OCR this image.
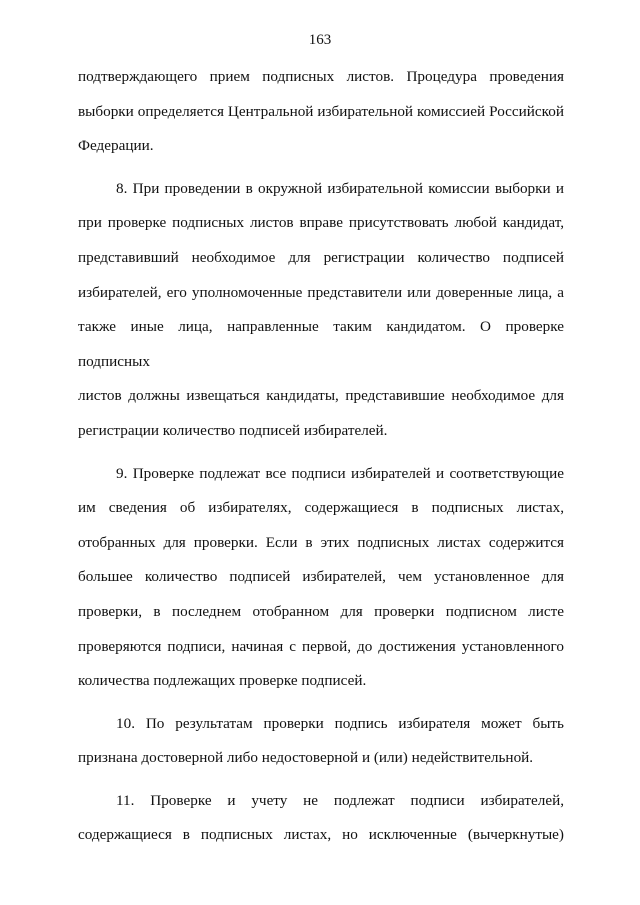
163

подтверждающего прием подписных листов. Процедура проведения

выборки определяется Центральной избирательной комиссией Российской

Федерации.

8. При проведении в окружной избирательной комиссии выборки и

при проверке подписных листов вправе присутствовать любой кандидат,

представивший необходимое для регистрации количество подписей

избирателей, его уполномоченные представители или доверенные лица, а

также иные лица, направленные таким кандидатом. О проверке подписных

листов должны извещаться кандидаты, представившие необходимое для

регистрации количество подписей избирателей.

9. Проверке подлежат все подписи избирателей и соответствующие

им сведения об избирателях, содержащиеся в подписных листах,

отобранных для проверки. Если в этих подписных листах содержится

большее количество подписей избирателей, чем установленное для

проверки, в последнем отобранном для проверки подписном листе

проверяются подписи, начиная с первой, до достижения установленного

количества подлежащих проверке подписей.

10. По результатам проверки подпись избирателя может быть

признана достоверной либо недостоверной и (или) недействительной.

11. Проверке и учету не подлежат подписи избирателей,

содержащиеся в подписных листах, но исключенные (вычеркнутые)
